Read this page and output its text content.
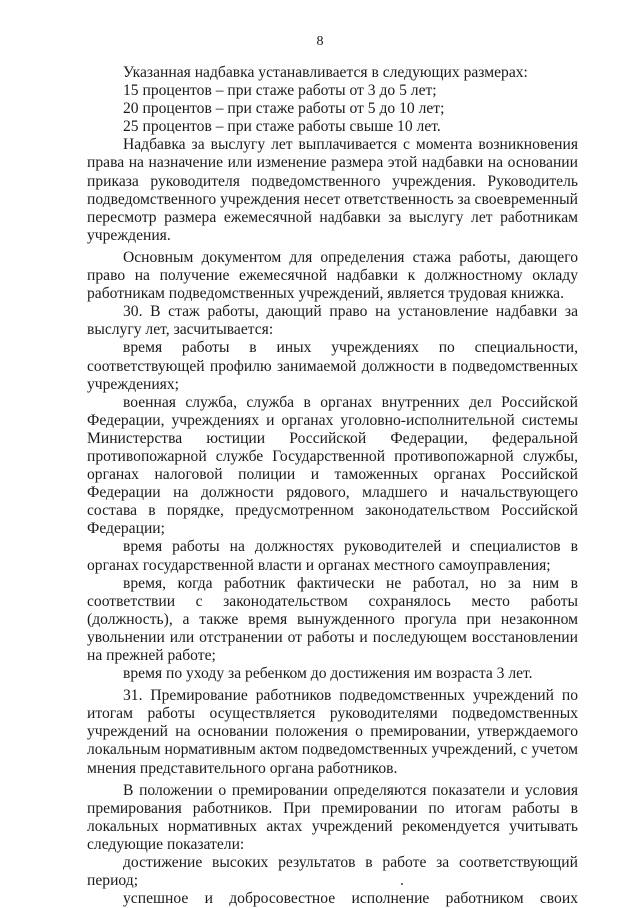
8

Указанная надбавка устанавливается в следующих размерах:

15 процентов – при стаже работы от 3 до 5 лет;

20 процентов – при стаже работы от 5 до 10 лет;

25 процентов – при стаже работы свыше 10 лет.

Надбавка за выслугу лет выплачивается с момента возникновения права на назначение или изменение размера этой надбавки на основании приказа руководителя подведомственного учреждения. Руководитель подведомственного учреждения несет ответственность за своевременный пересмотр размера ежемесячной надбавки за выслугу лет работникам учреждения.

Основным документом для определения стажа работы, дающего право на получение ежемесячной надбавки к должностному окладу работникам подведомственных учреждений, является трудовая книжка.

30. В стаж работы, дающий право на установление надбавки за выслугу лет, засчитывается:

время работы в иных учреждениях по специальности, соответствующей профилю занимаемой должности в подведомственных учреждениях;

военная служба, служба в органах внутренних дел Российской Федерации, учреждениях и органах уголовно-исполнительной системы Министерства юстиции Российской Федерации, федеральной противопожарной службе Государственной противопожарной службы, органах налоговой полиции и таможенных органах Российской Федерации на должности рядового, младшего и начальствующего состава в порядке, предусмотренном законодательством Российской Федерации;

время работы на должностях руководителей и специалистов в органах государственной власти и органах местного самоуправления;

время, когда работник фактически не работал, но за ним в соответствии с законодательством сохранялось место работы (должность), а также время вынужденного прогула при незаконном увольнении или отстранении от работы и последующем восстановлении на прежней работе;

время по уходу за ребенком до достижения им возраста 3 лет.

31. Премирование работников подведомственных учреждений по итогам работы осуществляется руководителями подведомственных учреждений на основании положения о премировании, утверждаемого локальным нормативным актом подведомственных учреждений, с учетом мнения представительного органа работников.

В положении о премировании определяются показатели и условия премирования работников. При премировании по итогам работы в локальных нормативных актах учреждений рекомендуется учитывать следующие показатели:

достижение высоких результатов в работе за соответствующий период;

успешное и добросовестное исполнение работником своих
